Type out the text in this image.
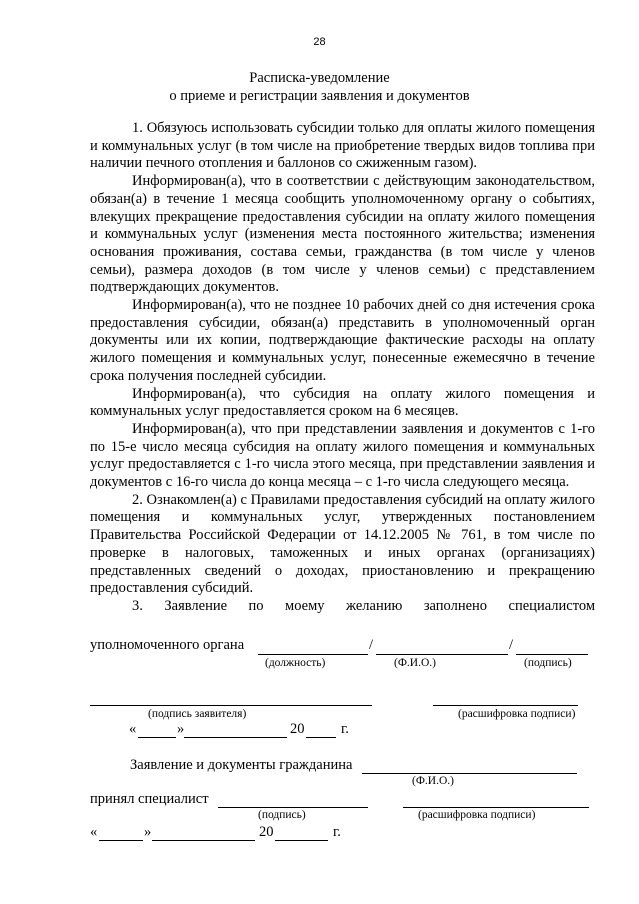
28
Расписка-уведомление
о приеме и регистрации заявления и документов

1. Обязуюсь использовать субсидии только для оплаты жилого помещения и коммунальных услуг (в том числе на приобретение твердых видов топлива при наличии печного отопления и баллонов со сжиженным газом).

Информирован(а), что в соответствии с действующим законодательством, обязан(а) в течение 1 месяца сообщить уполномоченному органу о событиях, влекущих прекращение предоставления субсидии на оплату жилого помещения и коммунальных услуг (изменения места постоянного жительства; изменения основания проживания, состава семьи, гражданства (в том числе у членов семьи), размера доходов (в том числе у членов семьи) с представлением подтверждающих документов.

Информирован(а), что не позднее 10 рабочих дней со дня истечения срока предоставления субсидии, обязан(а) представить в уполномоченный орган документы или их копии, подтверждающие фактические расходы на оплату жилого помещения и коммунальных услуг, понесенные ежемесячно в течение срока получения последней субсидии.

Информирован(а), что субсидия на оплату жилого помещения и коммунальных услуг предоставляется сроком на 6 месяцев.

Информирован(а), что при представлении заявления и документов с 1-го по 15-е число месяца субсидия на оплату жилого помещения и коммунальных услуг предоставляется с 1-го числа этого месяца, при представлении заявления и документов с 16-го числа до конца месяца – с 1-го числа следующего месяца.

2. Ознакомлен(а) с Правилами предоставления субсидий на оплату жилого помещения и коммунальных услуг, утвержденных постановлением Правительства Российской Федерации от 14.12.2005 № 761, в том числе по проверке в налоговых, таможенных и иных органах (организациях) представленных сведений о доходах, приостановлению и прекращению предоставления субсидий.

3. Заявление по моему желанию заполнено специалистом

уполномоченного органа	/	/
(должность)	(Ф.И.О.)	(подпись)
(подпись заявителя)	(расшифровка подписи)
«	»	20	г.
Заявление и документы гражданина
(Ф.И.О.)
принял специалист
(подпись)	(расшифровка подписи)
«	»	20	г.
